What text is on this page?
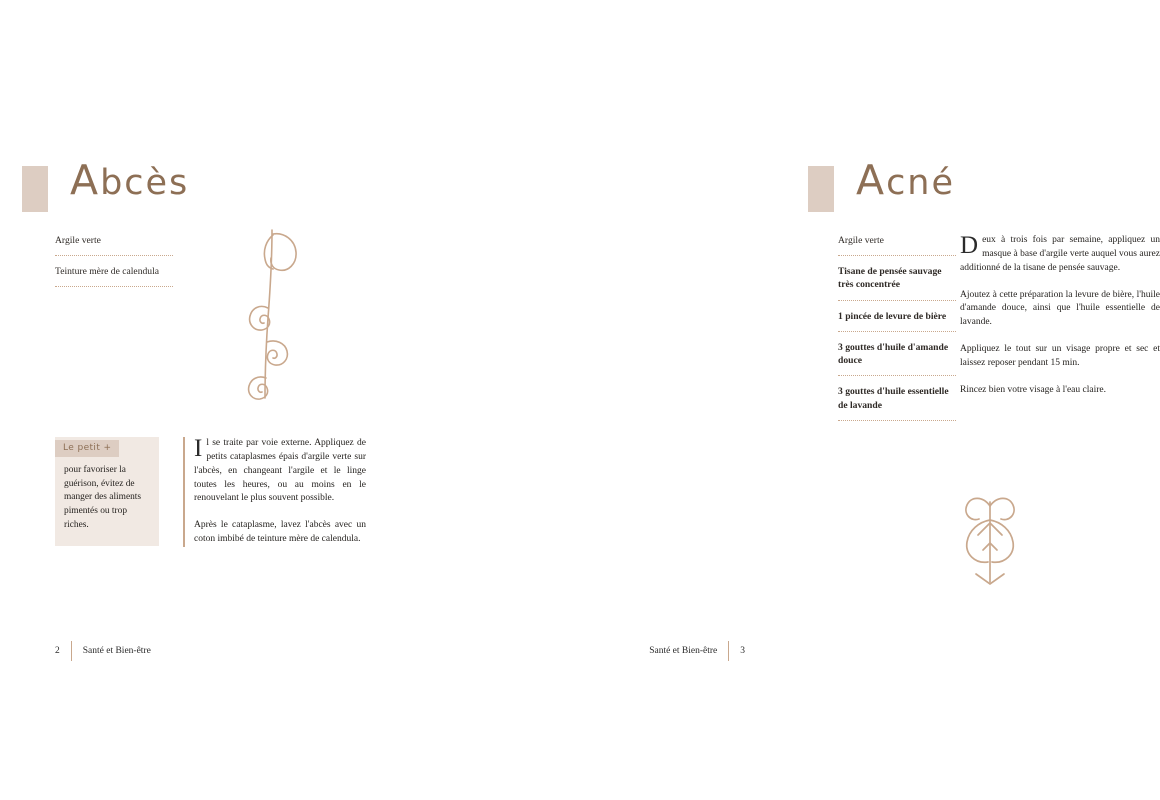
Abcès
Argile verte
Teinture mère de calendula
Le petit +
pour favoriser la guérison, évitez de manger des aliments pimentés ou trop riches.

Il se traite par voie externe. Appliquez de petits cataplasmes épais d'argile verte sur l'abcès, en changeant l'argile et le linge toutes les heures, ou au moins en le renouvelant le plus souvent possible.

Après le cataplasme, lavez l'abcès avec un coton imbibé de teinture mère de calendula.

2 Santé et Bien-être
Acné
Argile verte
Tisane de pensée sauvage très concentrée
1 pincée de levure de bière
3 gouttes d'huile d'amande douce
3 gouttes d'huile essentielle de lavande

Deux à trois fois par semaine, appliquez un masque à base d'argile verte auquel vous aurez additionné de la tisane de pensée sauvage.

Ajoutez à cette préparation la levure de bière, l'huile d'amande douce, ainsi que l'huile essentielle de lavande.

Appliquez le tout sur un visage propre et sec et laissez reposer pendant 15 min.

Rincez bien votre visage à l'eau claire.

Santé et Bien-être 3
